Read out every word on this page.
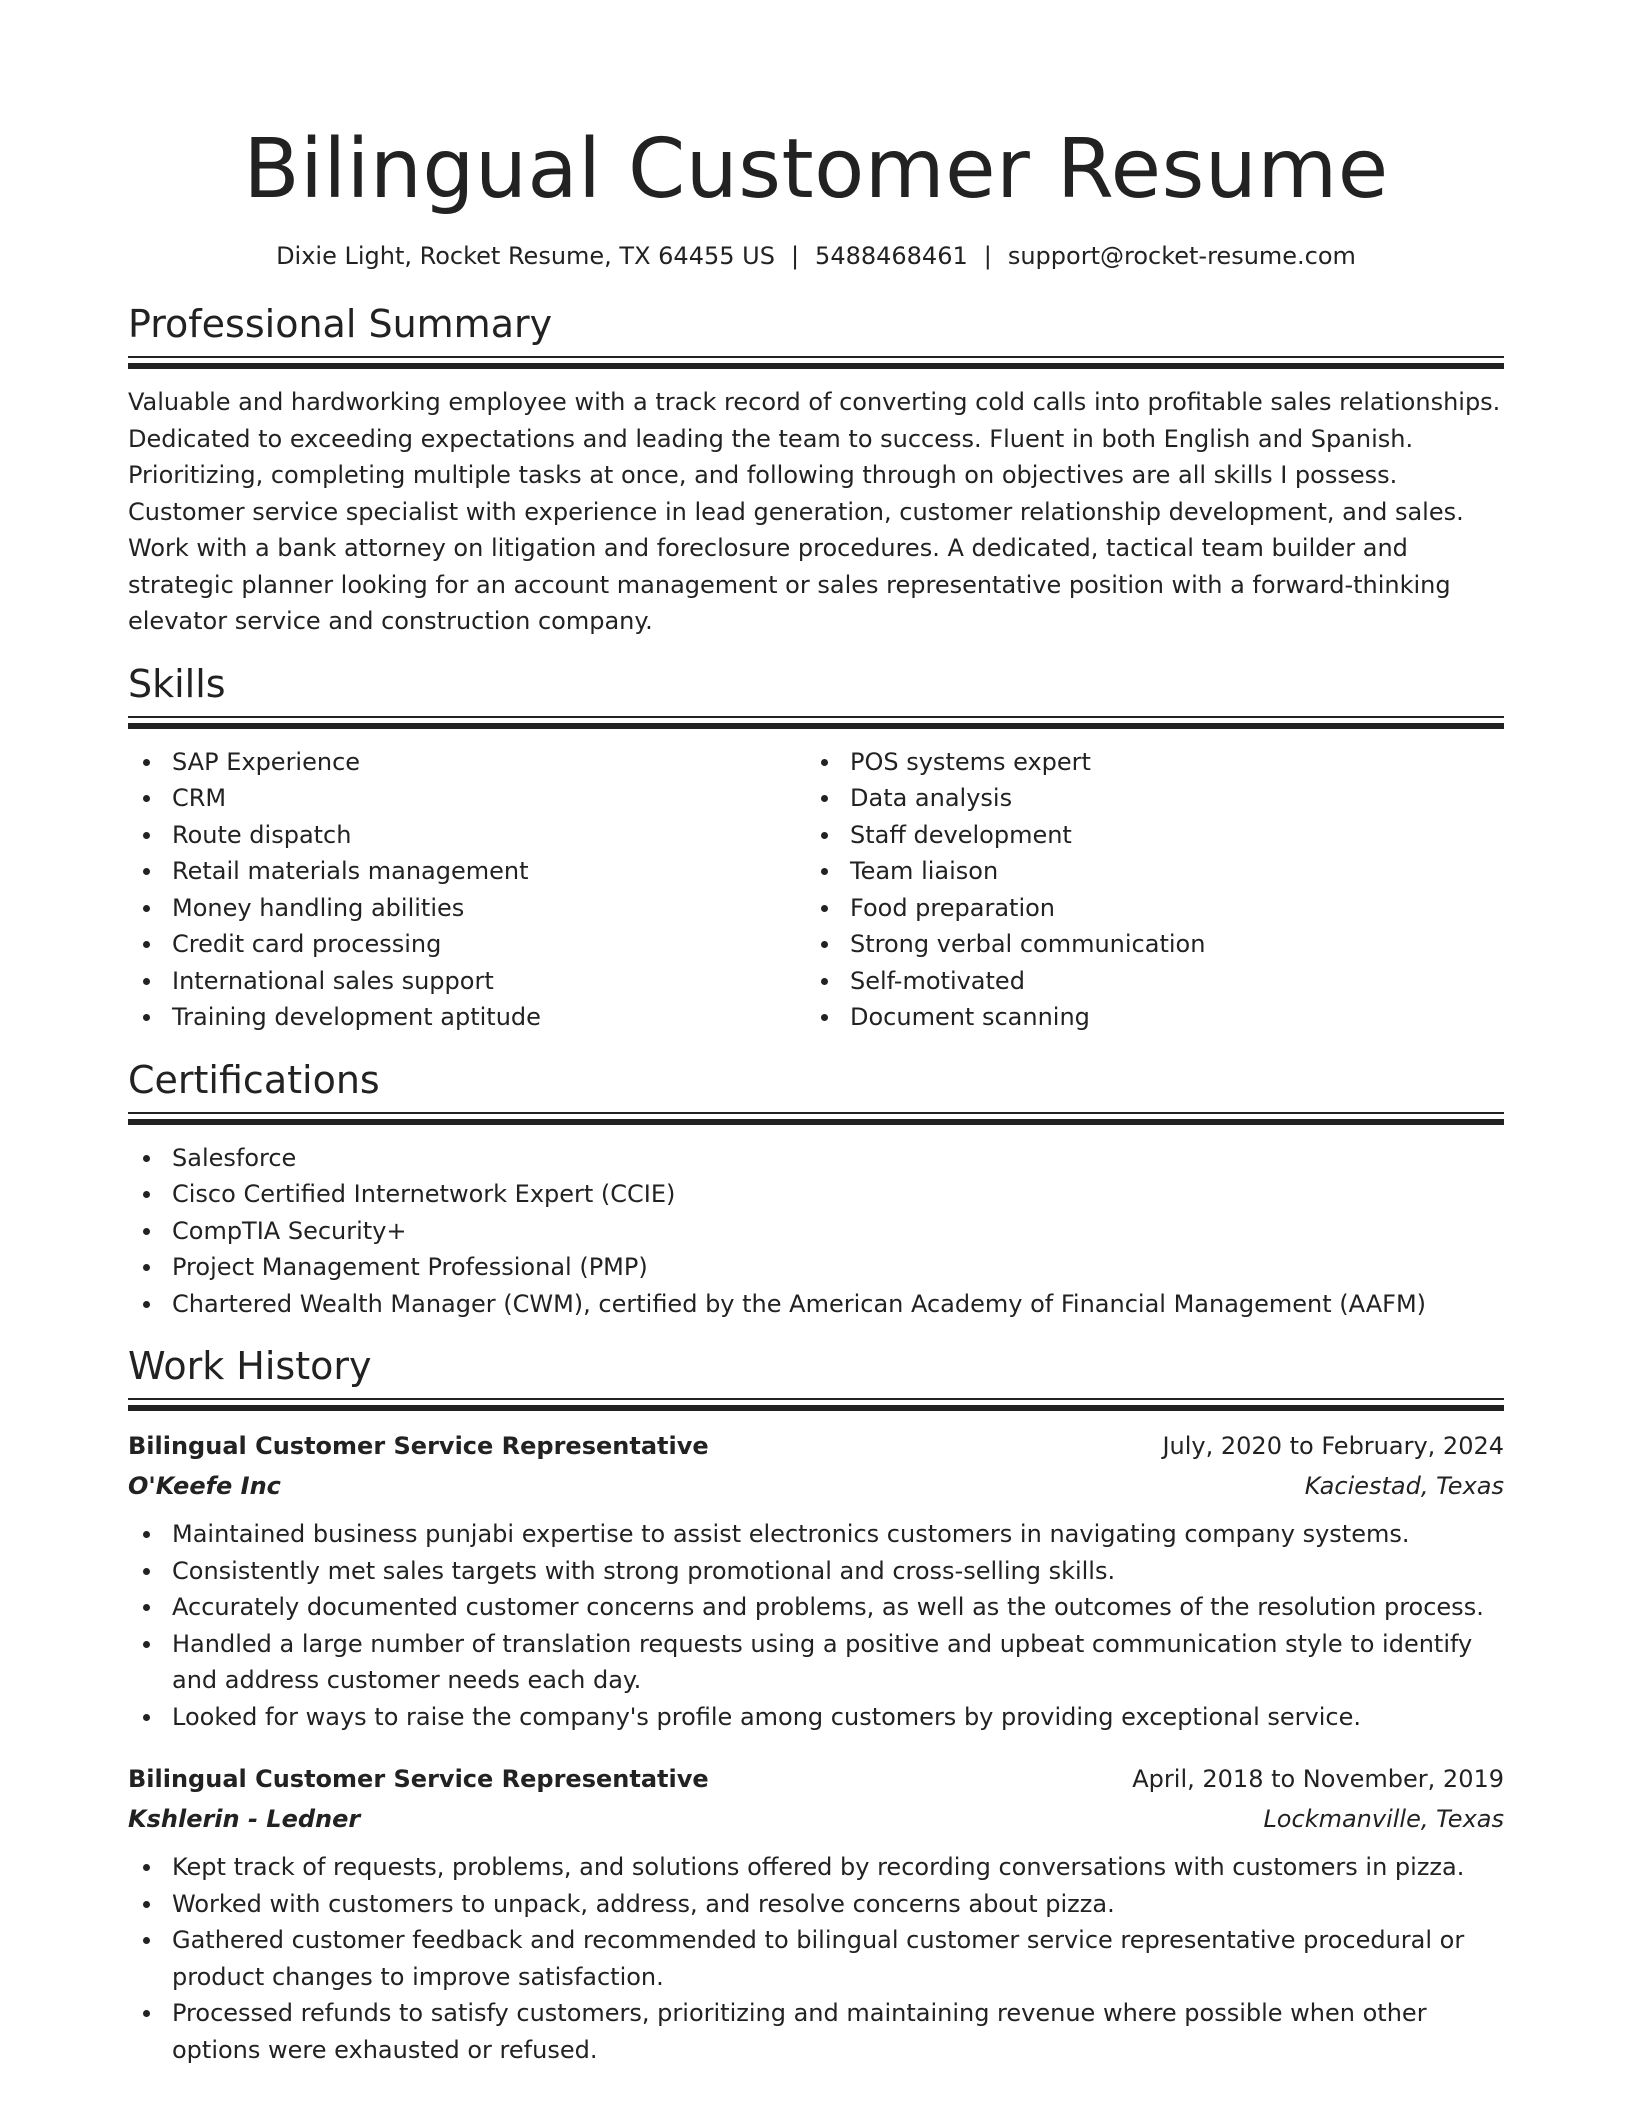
Bilingual Customer Resume
Dixie Light, Rocket Resume, TX 64455 US | 5488468461 | support@rocket-resume.com
Professional Summary

Valuable and hardworking employee with a track record of converting cold calls into profitable sales relationships. Dedicated to exceeding expectations and leading the team to success. Fluent in both English and Spanish. Prioritizing, completing multiple tasks at once, and following through on objectives are all skills I possess. Customer service specialist with experience in lead generation, customer relationship development, and sales. Work with a bank attorney on litigation and foreclosure procedures. A dedicated, tactical team builder and strategic planner looking for an account management or sales representative position with a forward-thinking elevator service and construction company.

Skills
SAP Experience
CRM
Route dispatch
Retail materials management
Money handling abilities
Credit card processing
International sales support
Training development aptitude
POS systems expert
Data analysis
Staff development
Team liaison
Food preparation
Strong verbal communication
Self-motivated
Document scanning
Certifications
Salesforce
Cisco Certified Internetwork Expert (CCIE)
CompTIA Security+
Project Management Professional (PMP)
Chartered Wealth Manager (CWM), certified by the American Academy of Financial Management (AAFM)
Work History
Bilingual Customer Service Representative	July, 2020 to February, 2024
O'Keefe Inc	Kaciestad, Texas
Maintained business punjabi expertise to assist electronics customers in navigating company systems.
Consistently met sales targets with strong promotional and cross-selling skills.
Accurately documented customer concerns and problems, as well as the outcomes of the resolution process.
Handled a large number of translation requests using a positive and upbeat communication style to identify and address customer needs each day.
Looked for ways to raise the company's profile among customers by providing exceptional service.
Bilingual Customer Service Representative	April, 2018 to November, 2019
Kshlerin - Ledner	Lockmanville, Texas
Kept track of requests, problems, and solutions offered by recording conversations with customers in pizza.
Worked with customers to unpack, address, and resolve concerns about pizza.
Gathered customer feedback and recommended to bilingual customer service representative procedural or product changes to improve satisfaction.
Processed refunds to satisfy customers, prioritizing and maintaining revenue where possible when other options were exhausted or refused.
